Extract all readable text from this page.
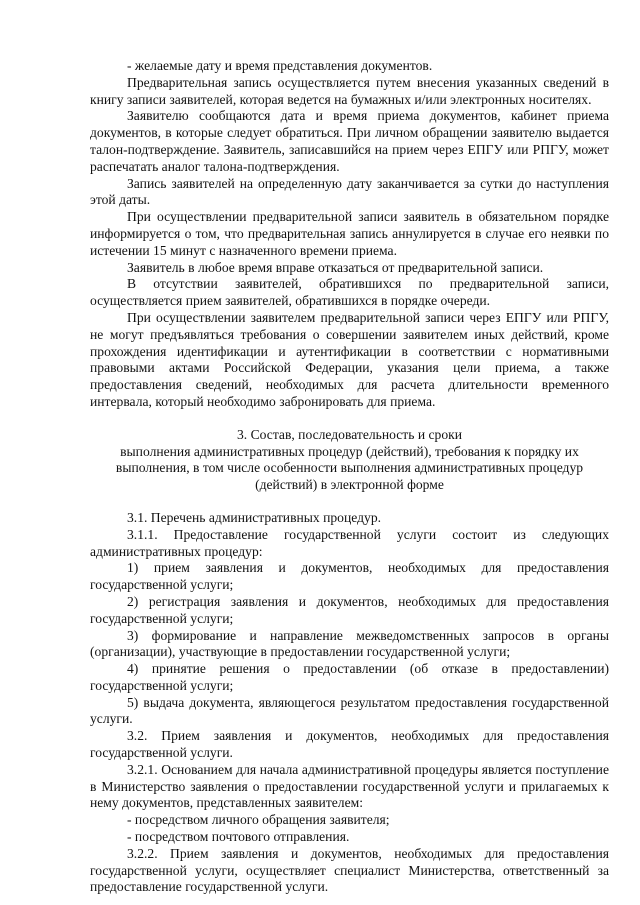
- желаемые дату и время представления документов.

Предварительная запись осуществляется путем внесения указанных сведений в книгу записи заявителей, которая ведется на бумажных и/или электронных носителях.

Заявителю сообщаются дата и время приема документов, кабинет приема документов, в которые следует обратиться. При личном обращении заявителю выдается талон-подтверждение. Заявитель, записавшийся на прием через ЕПГУ или РПГУ, может распечатать аналог талона-подтверждения.

Запись заявителей на определенную дату заканчивается за сутки до наступления этой даты.

При осуществлении предварительной записи заявитель в обязательном порядке информируется о том, что предварительная запись аннулируется в случае его неявки по истечении 15 минут с назначенного времени приема.

Заявитель в любое время вправе отказаться от предварительной записи.

В отсутствии заявителей, обратившихся по предварительной записи, осуществляется прием заявителей, обратившихся в порядке очереди.

При осуществлении заявителем предварительной записи через ЕПГУ или РПГУ, не могут предъявляться требования о совершении заявителем иных действий, кроме прохождения идентификации и аутентификации в соответствии с нормативными правовыми актами Российской Федерации, указания цели приема, а также предоставления сведений, необходимых для расчета длительности временного интервала, который необходимо забронировать для приема.

3. Состав, последовательность и сроки

выполнения административных процедур (действий), требования к порядку их выполнения, в том числе особенности выполнения административных процедур (действий) в электронной форме

3.1. Перечень административных процедур.

3.1.1. Предоставление государственной услуги состоит из следующих административных процедур:

1) прием заявления и документов, необходимых для предоставления государственной услуги;

2) регистрация заявления и документов, необходимых для предоставления государственной услуги;

3) формирование и направление межведомственных запросов в органы (организации), участвующие в предоставлении государственной услуги;

4) принятие решения о предоставлении (об отказе в предоставлении) государственной услуги;

5) выдача документа, являющегося результатом предоставления государственной услуги.

3.2. Прием заявления и документов, необходимых для предоставления государственной услуги.

3.2.1. Основанием для начала административной процедуры является поступление в Министерство заявления о предоставлении государственной услуги и прилагаемых к нему документов, представленных заявителем:

- посредством личного обращения заявителя;

- посредством почтового отправления.

3.2.2. Прием заявления и документов, необходимых для предоставления государственной услуги, осуществляет специалист Министерства, ответственный за предоставление государственной услуги.
